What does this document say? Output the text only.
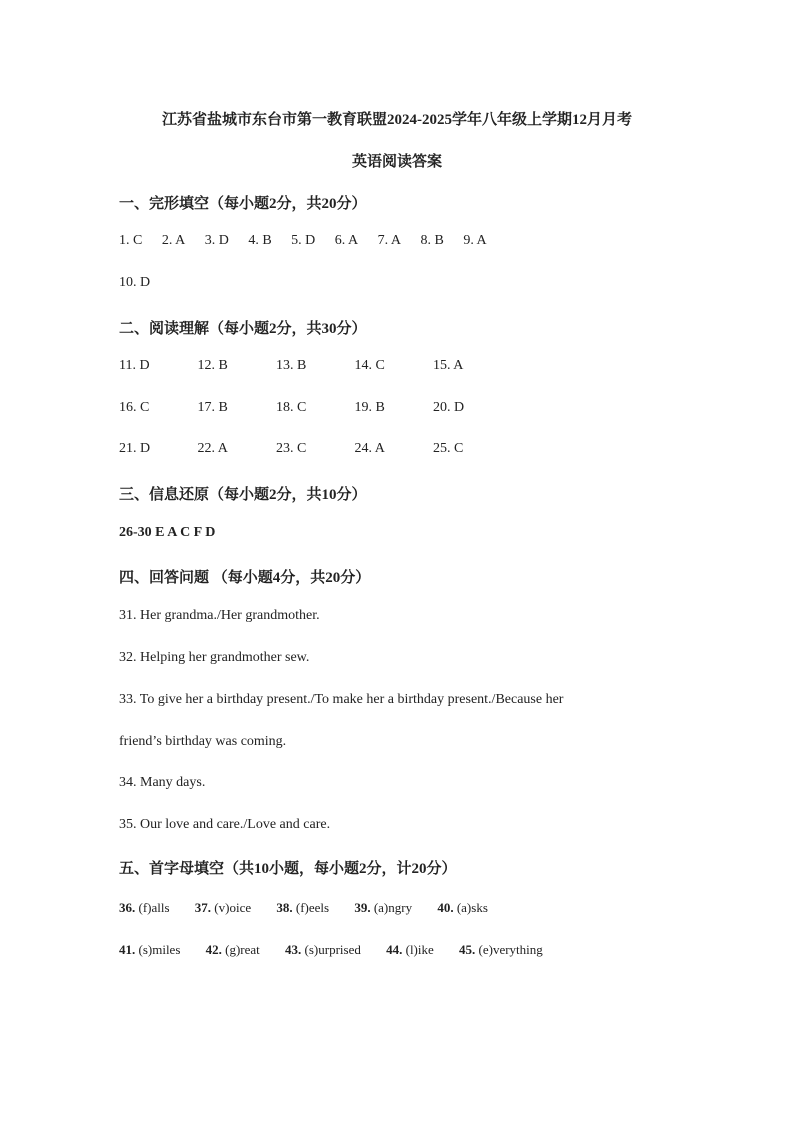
江苏省盐城市东台市第一教育联盟2024-2025学年八年级上学期12月月考
英语阅读答案
一、完形填空（每小题2分，共20分）
1. C 2. A 3. D 4. B 5. D 6. A 7. A 8. B 9. A
10. D
二、阅读理解（每小题2分，共30分）
11. D	12. B	13. B	14. C	15. A
16. C	17. B	18. C	19. B	20. D
21. D	22. A	23. C	24. A	25. C
三、信息还原（每小题2分，共10分）
26-30 E A C F D
四、回答问题 （每小题4分，共20分）
31. Her grandma./Her grandmother.
32. Helping her grandmother sew.
33. To give her a birthday present./To make her a birthday present./Because her
friend’s birthday was coming.
34. Many days.
35. Our love and care./Love and care.
五、首字母填空（共10小题，每小题2分，计20分）
36. (f)alls 37. (v)oice 38. (f)eels 39. (a)ngry 40. (a)sks
41. (s)miles 42. (g)reat 43. (s)urprised 44. (l)ike 45. (e)verything
